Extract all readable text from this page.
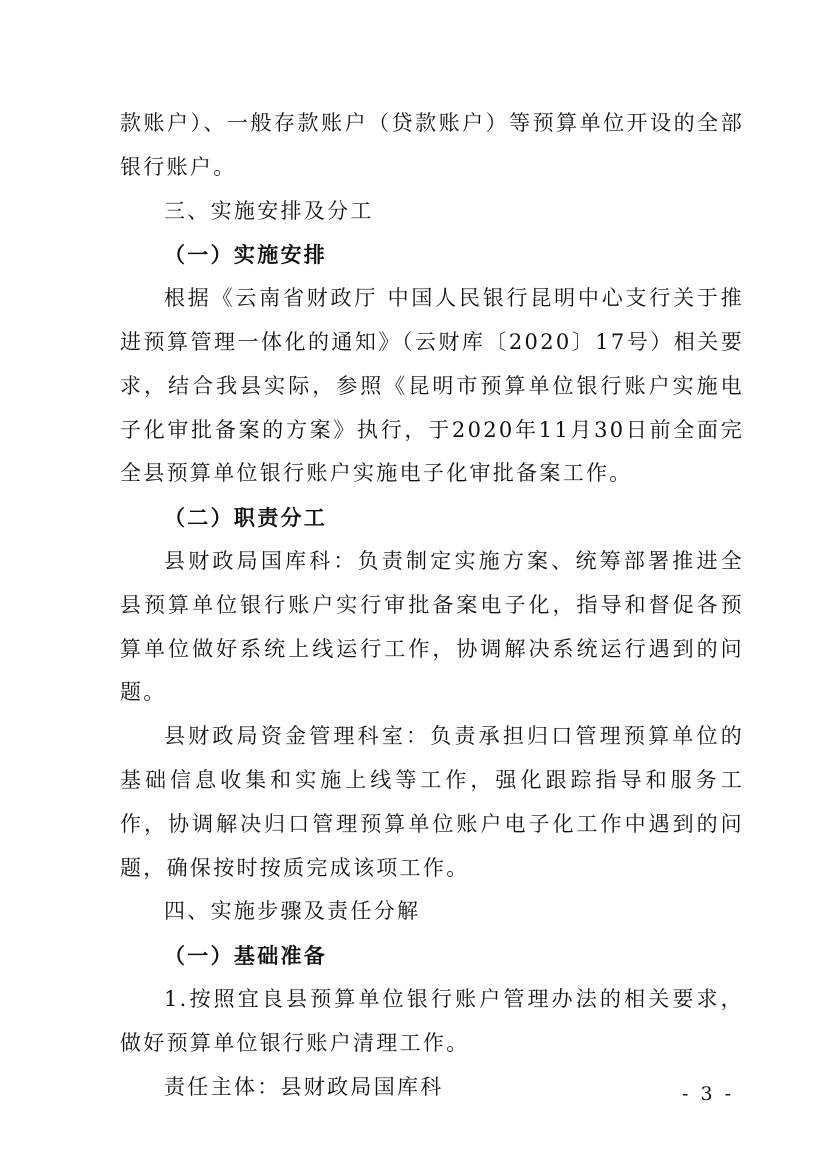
款账户）、一般存款账户（贷款账户）等预算单位开设的全部银行账户。

三、实施安排及分工

（一）实施安排

根据《云南省财政厅 中国人民银行昆明中心支行关于推进预算管理一体化的通知》（云财库〔2020〕17号）相关要求，结合我县实际，参照《昆明市预算单位银行账户实施电子化审批备案的方案》执行，于2020年11月30日前全面完全县预算单位银行账户实施电子化审批备案工作。

（二）职责分工

县财政局国库科：负责制定实施方案、统筹部署推进全县预算单位银行账户实行审批备案电子化，指导和督促各预算单位做好系统上线运行工作，协调解决系统运行遇到的问题。

县财政局资金管理科室：负责承担归口管理预算单位的基础信息收集和实施上线等工作，强化跟踪指导和服务工作，协调解决归口管理预算单位账户电子化工作中遇到的问题，确保按时按质完成该项工作。

四、实施步骤及责任分解

（一）基础准备

1.按照宜良县预算单位银行账户管理办法的相关要求，做好预算单位银行账户清理工作。

责任主体：县财政局国库科	- 3 -
